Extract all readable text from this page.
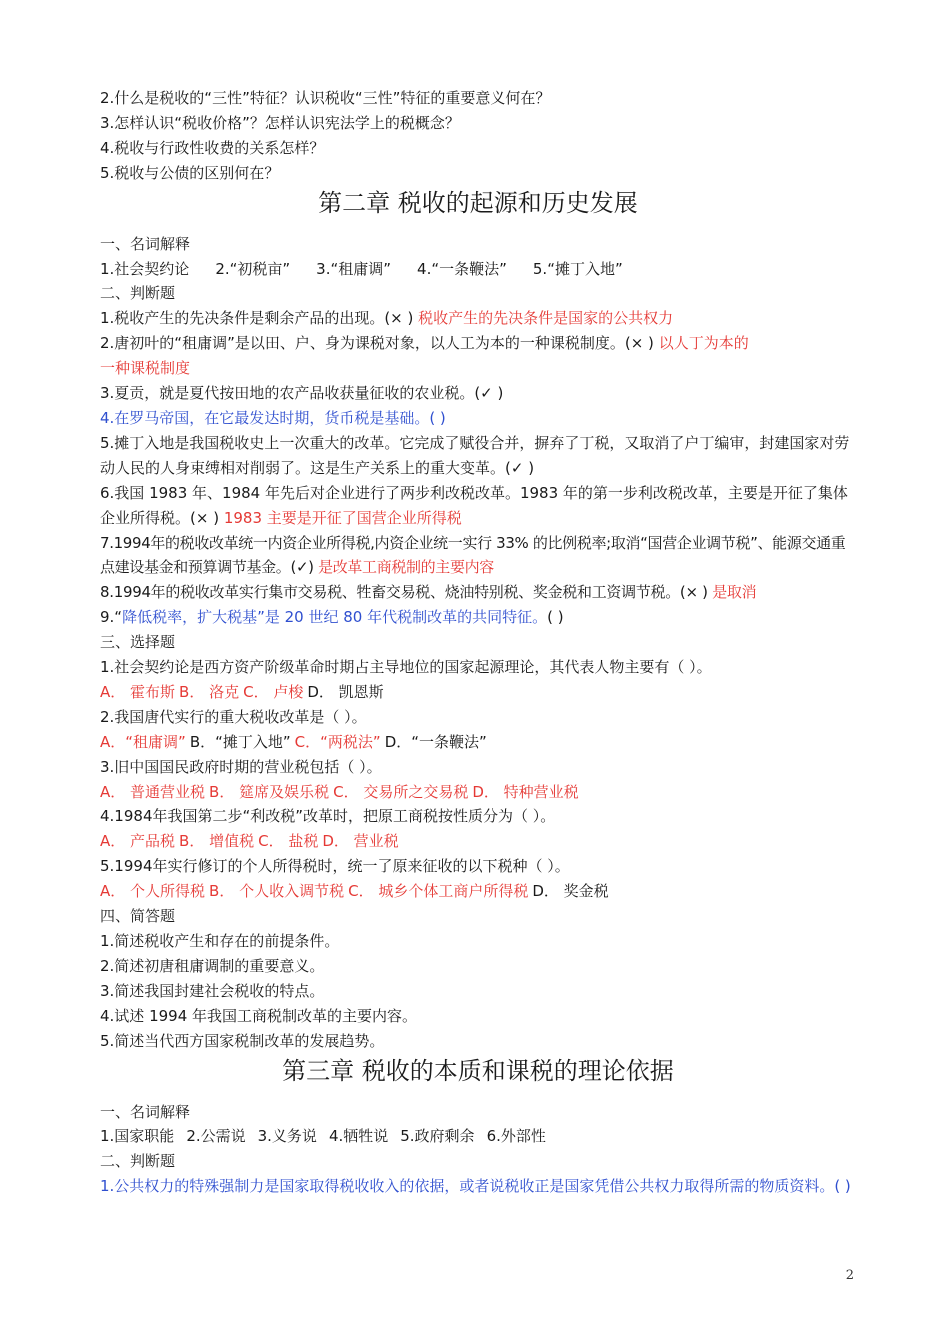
2.什么是税收的“三性”特征？认识税收“三性”特征的重要意义何在？
3.怎样认识“税收价格”？怎样认识宪法学上的税概念？
4.税收与行政性收费的关系怎样？
5.税收与公债的区别何在？
第二章 税收的起源和历史发展
一、名词解释
1.社会契约论 2.“初税亩” 3.“租庸调” 4.“一条鞭法” 5.“摊丁入地”
二、判断题
1.税收产生的先决条件是剩余产品的出现。(× ) 税收产生的先决条件是国家的公共权力
2.唐初叶的“租庸调”是以田、户、身为课税对象，以人工为本的一种课税制度。(× ) 以人丁为本的
一种课税制度
3.夏贡，就是夏代按田地的农产品收获量征收的农业税。(✓ )
4.在罗马帝国，在它最发达时期，货币税是基础。( )
5.摊丁入地是我国税收史上一次重大的改革。它完成了赋役合并，摒弃了丁税，又取消了户丁编审，封建国家对劳动人民的人身束缚相对削弱了。这是生产关系上的重大变革。(✓ )
6.我国 1983 年、1984 年先后对企业进行了两步利改税改革。1983 年的第一步利改税改革，主要是开征了集体企业所得税。(× ) 1983 主要是开征了国营企业所得税
7.1994年的税收改革统一内资企业所得税,内资企业统一实行 33% 的比例税率;取消“国营企业调节税”、能源交通重点建设基金和预算调节基金。(✓) 是改革工商税制的主要内容
8.1994年的税收改革实行集市交易税、牲畜交易税、烧油特别税、奖金税和工资调节税。(× ) 是取消
9.“降低税率，扩大税基”是 20 世纪 80 年代税制改革的共同特征。( )
三、选择题
1.社会契约论是西方资产阶级革命时期占主导地位的国家起源理论，其代表人物主要有（ ）。
A． 霍布斯 B． 洛克 C． 卢梭 D． 凯恩斯
2.我国唐代实行的重大税收改革是（ ）。
A．“租庸调” B．“摊丁入地” C．“两税法” D．“一条鞭法”
3.旧中国国民政府时期的营业税包括（ ）。
A． 普通营业税 B． 筵席及娱乐税 C． 交易所之交易税 D． 特种营业税
4.1984年我国第二步“利改税”改革时，把原工商税按性质分为（ ）。
A． 产品税 B． 增值税 C． 盐税 D． 营业税
5.1994年实行修订的个人所得税时，统一了原来征收的以下税种（ ）。
A． 个人所得税 B． 个人收入调节税 C． 城乡个体工商户所得税 D． 奖金税
四、简答题
1.简述税收产生和存在的前提条件。
2.简述初唐租庸调制的重要意义。
3.简述我国封建社会税收的特点。
4.试述 1994 年我国工商税制改革的主要内容。
5.简述当代西方国家税制改革的发展趋势。
第三章 税收的本质和课税的理论依据
一、名词解释
1.国家职能 2.公需说 3.义务说 4.牺牲说 5.政府剩余 6.外部性
二、判断题
1.公共权力的特殊强制力是国家取得税收收入的依据，或者说税收正是国家凭借公共权力取得所需的物质资料。( )
2
